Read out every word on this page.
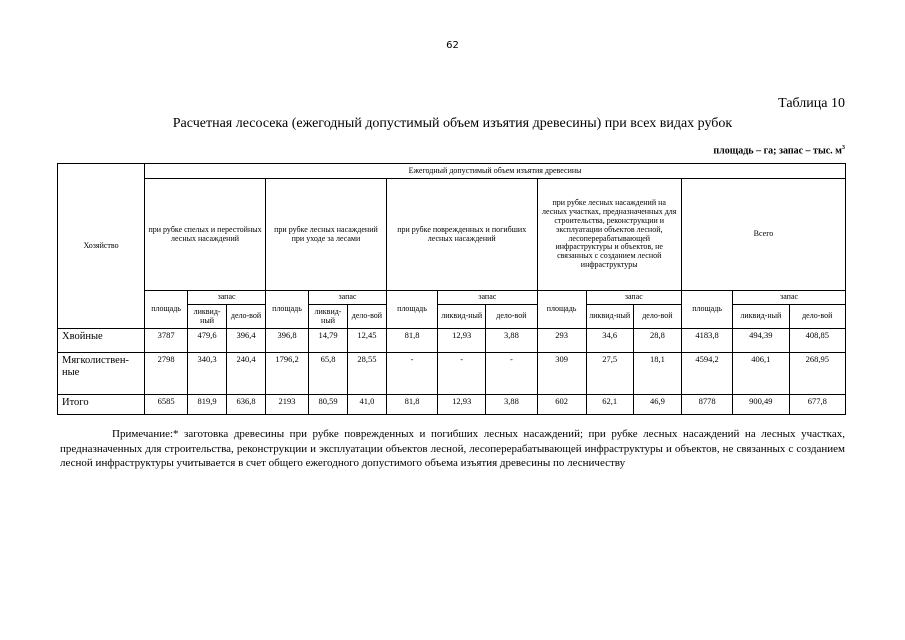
62
Таблица 10
Расчетная лесосека (ежегодный допустимый объем изъятия древесины) при всех видах рубок
площадь – га; запас – тыс. $м^3$
Хозяйство	Ежегодный допустимый объем изъятия древесины														
	при рубке спелых и перестойных лесных насаждений			при рубке лесных насаждений при уходе за лесами			при рубке поврежденных и погибших лесных насаждений			при рубке лесных насаждений на лесных участках, предназначенных для строительства, реконструкции и эксплуатации объектов лесной, лесоперерабатывающей инфраструктуры и объектов, не связанных с созданием лесной инфраструктуры			Всего		
	площадь	запас		площадь	запас		площадь	запас		площадь	запас		площадь	запас	
		ликвид-ный	дело-вой		ликвид-ный	дело-вой		ликвид-ный	дело-вой		ликвид-ный	дело-вой		ликвид-ный	дело-вой
Хвойные	3787	479,6	396,4	396,8	14,79	12,45	81,8	12,93	3,88	293	34,6	28,8	4183,8	494,39	408,85
Мягколиствен-ные	2798	340,3	240,4	1796,2	65,8	28,55	-	-	-	309	27,5	18,1	4594,2	406,1	268,95
Итого	6585	819,9	636,8	2193	80,59	41,0	81,8	12,93	3,88	602	62,1	46,9	8778	900,49	677,8
Примечание:* заготовка древесины при рубке поврежденных и погибших лесных насаждений; при рубке лесных насаждений на лесных участках, предназначенных для строительства, реконструкции и эксплуатации объектов лесной, лесоперерабатывающей инфраструктуры и объектов, не связанных с созданием лесной инфраструктуры учитывается в счет общего ежегодного допустимого объема изъятия древесины по лесничеству
